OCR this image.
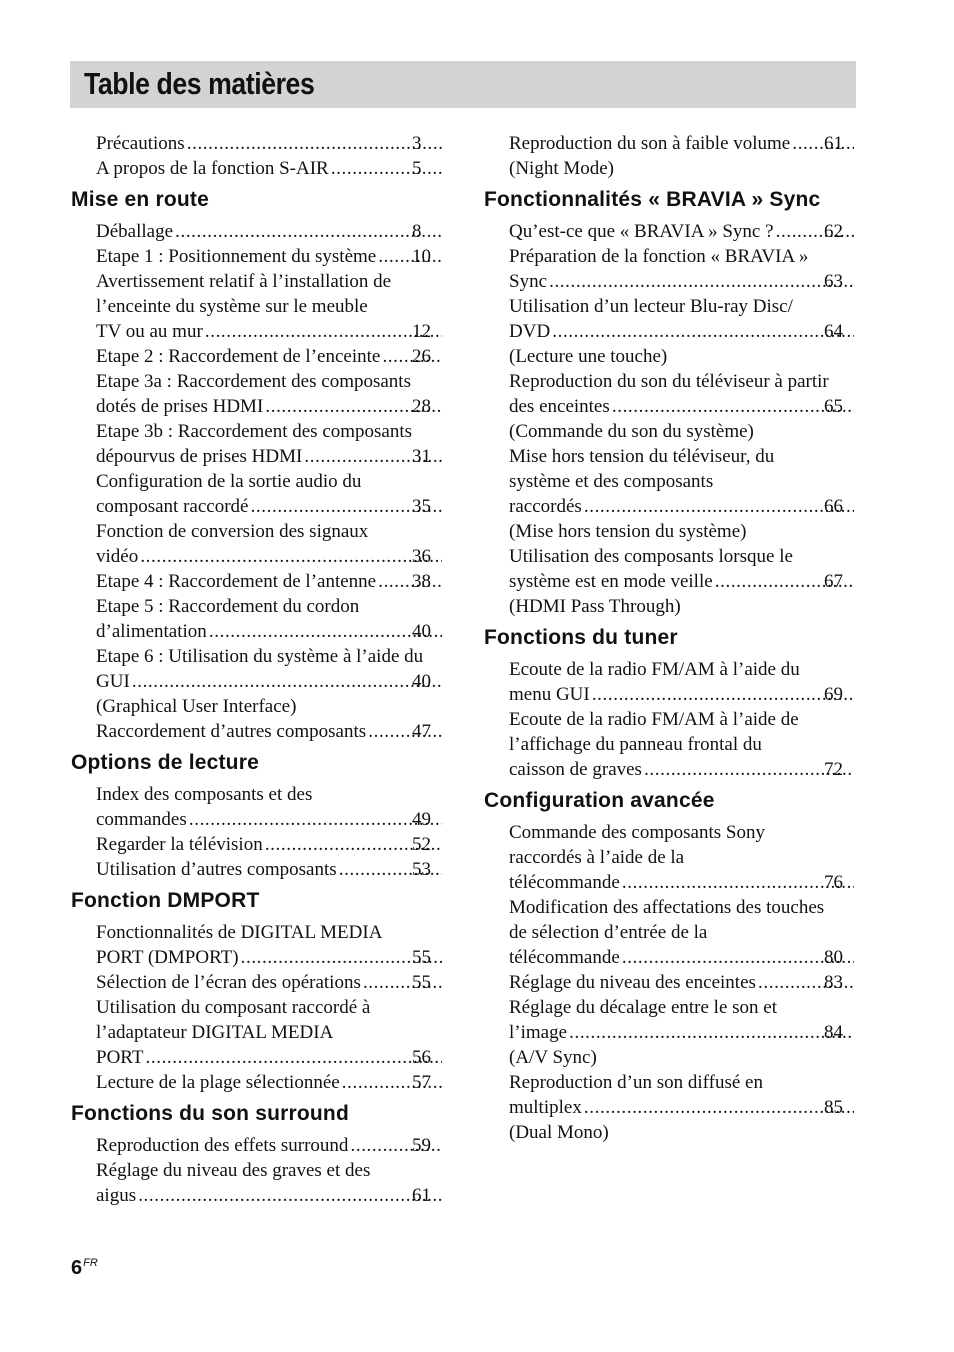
Table des matières
Précautions .....	3
A propos de la fonction S-AIR .....	5
Mise en route
Déballage .....	8
Etape 1 : Positionnement du système ..... 10
Avertissement relatif à l’installation de
l’enceinte du système sur le meuble
TV ou au mur .....	12
Etape 2 : Raccordement de l’enceinte ..... 26
Etape 3a : Raccordement des composants
dotés de prises HDMI .....	28
Etape 3b : Raccordement des composants
dépourvus de prises HDMI .....	31
Configuration de la sortie audio du
composant raccordé .....	35
Fonction de conversion des signaux
vidéo .....	36
Etape 4 : Raccordement de l’antenne ..... 38
Etape 5 : Raccordement du cordon
d’alimentation .....	40
Etape 6 : Utilisation du système à l’aide du
GUI .....	40
(Graphical User Interface)
Raccordement d’autres composants ..... 47
Options de lecture
Index des composants et des
commandes .....	49
Regarder la télévision .....	52
Utilisation d’autres composants .....	53
Fonction DMPORT
Fonctionnalités de DIGITAL MEDIA
PORT (DMPORT) .....	55
Sélection de l’écran des opérations .....	55
Utilisation du composant raccordé à
l’adaptateur DIGITAL MEDIA
PORT .....	56
Lecture de la plage sélectionnée .....	57
Fonctions du son surround
Reproduction des effets surround .....	59
Réglage du niveau des graves et des
aigus .....	61
Reproduction du son à faible volume ..... 61
(Night Mode)
Fonctionnalités « BRAVIA » Sync
Qu’est-ce que « BRAVIA » Sync ? .....	62
Préparation de la fonction « BRAVIA »
Sync .....	63
Utilisation d’un lecteur Blu-ray Disc/
DVD .....	64
(Lecture une touche)
Reproduction du son du téléviseur à partir
des enceintes .....	65
(Commande du son du système)
Mise hors tension du téléviseur, du
système et des composants
raccordés .....	66
(Mise hors tension du système)
Utilisation des composants lorsque le
système est en mode veille .....	67
(HDMI Pass Through)
Fonctions du tuner
Ecoute de la radio FM/AM à l’aide du
menu GUI .....	69
Ecoute de la radio FM/AM à l’aide de
l’affichage du panneau frontal du
caisson de graves .....	72
Configuration avancée
Commande des composants Sony
raccordés à l’aide de la
télécommande .....	76
Modification des affectations des touches
de sélection d’entrée de la
télécommande .....	80
Réglage du niveau des enceintes .....	83
Réglage du décalage entre le son et
l’image .....	84
(A/V Sync)
Reproduction d’un son diffusé en
multiplex .....	85
(Dual Mono)
$6^{FR}$
